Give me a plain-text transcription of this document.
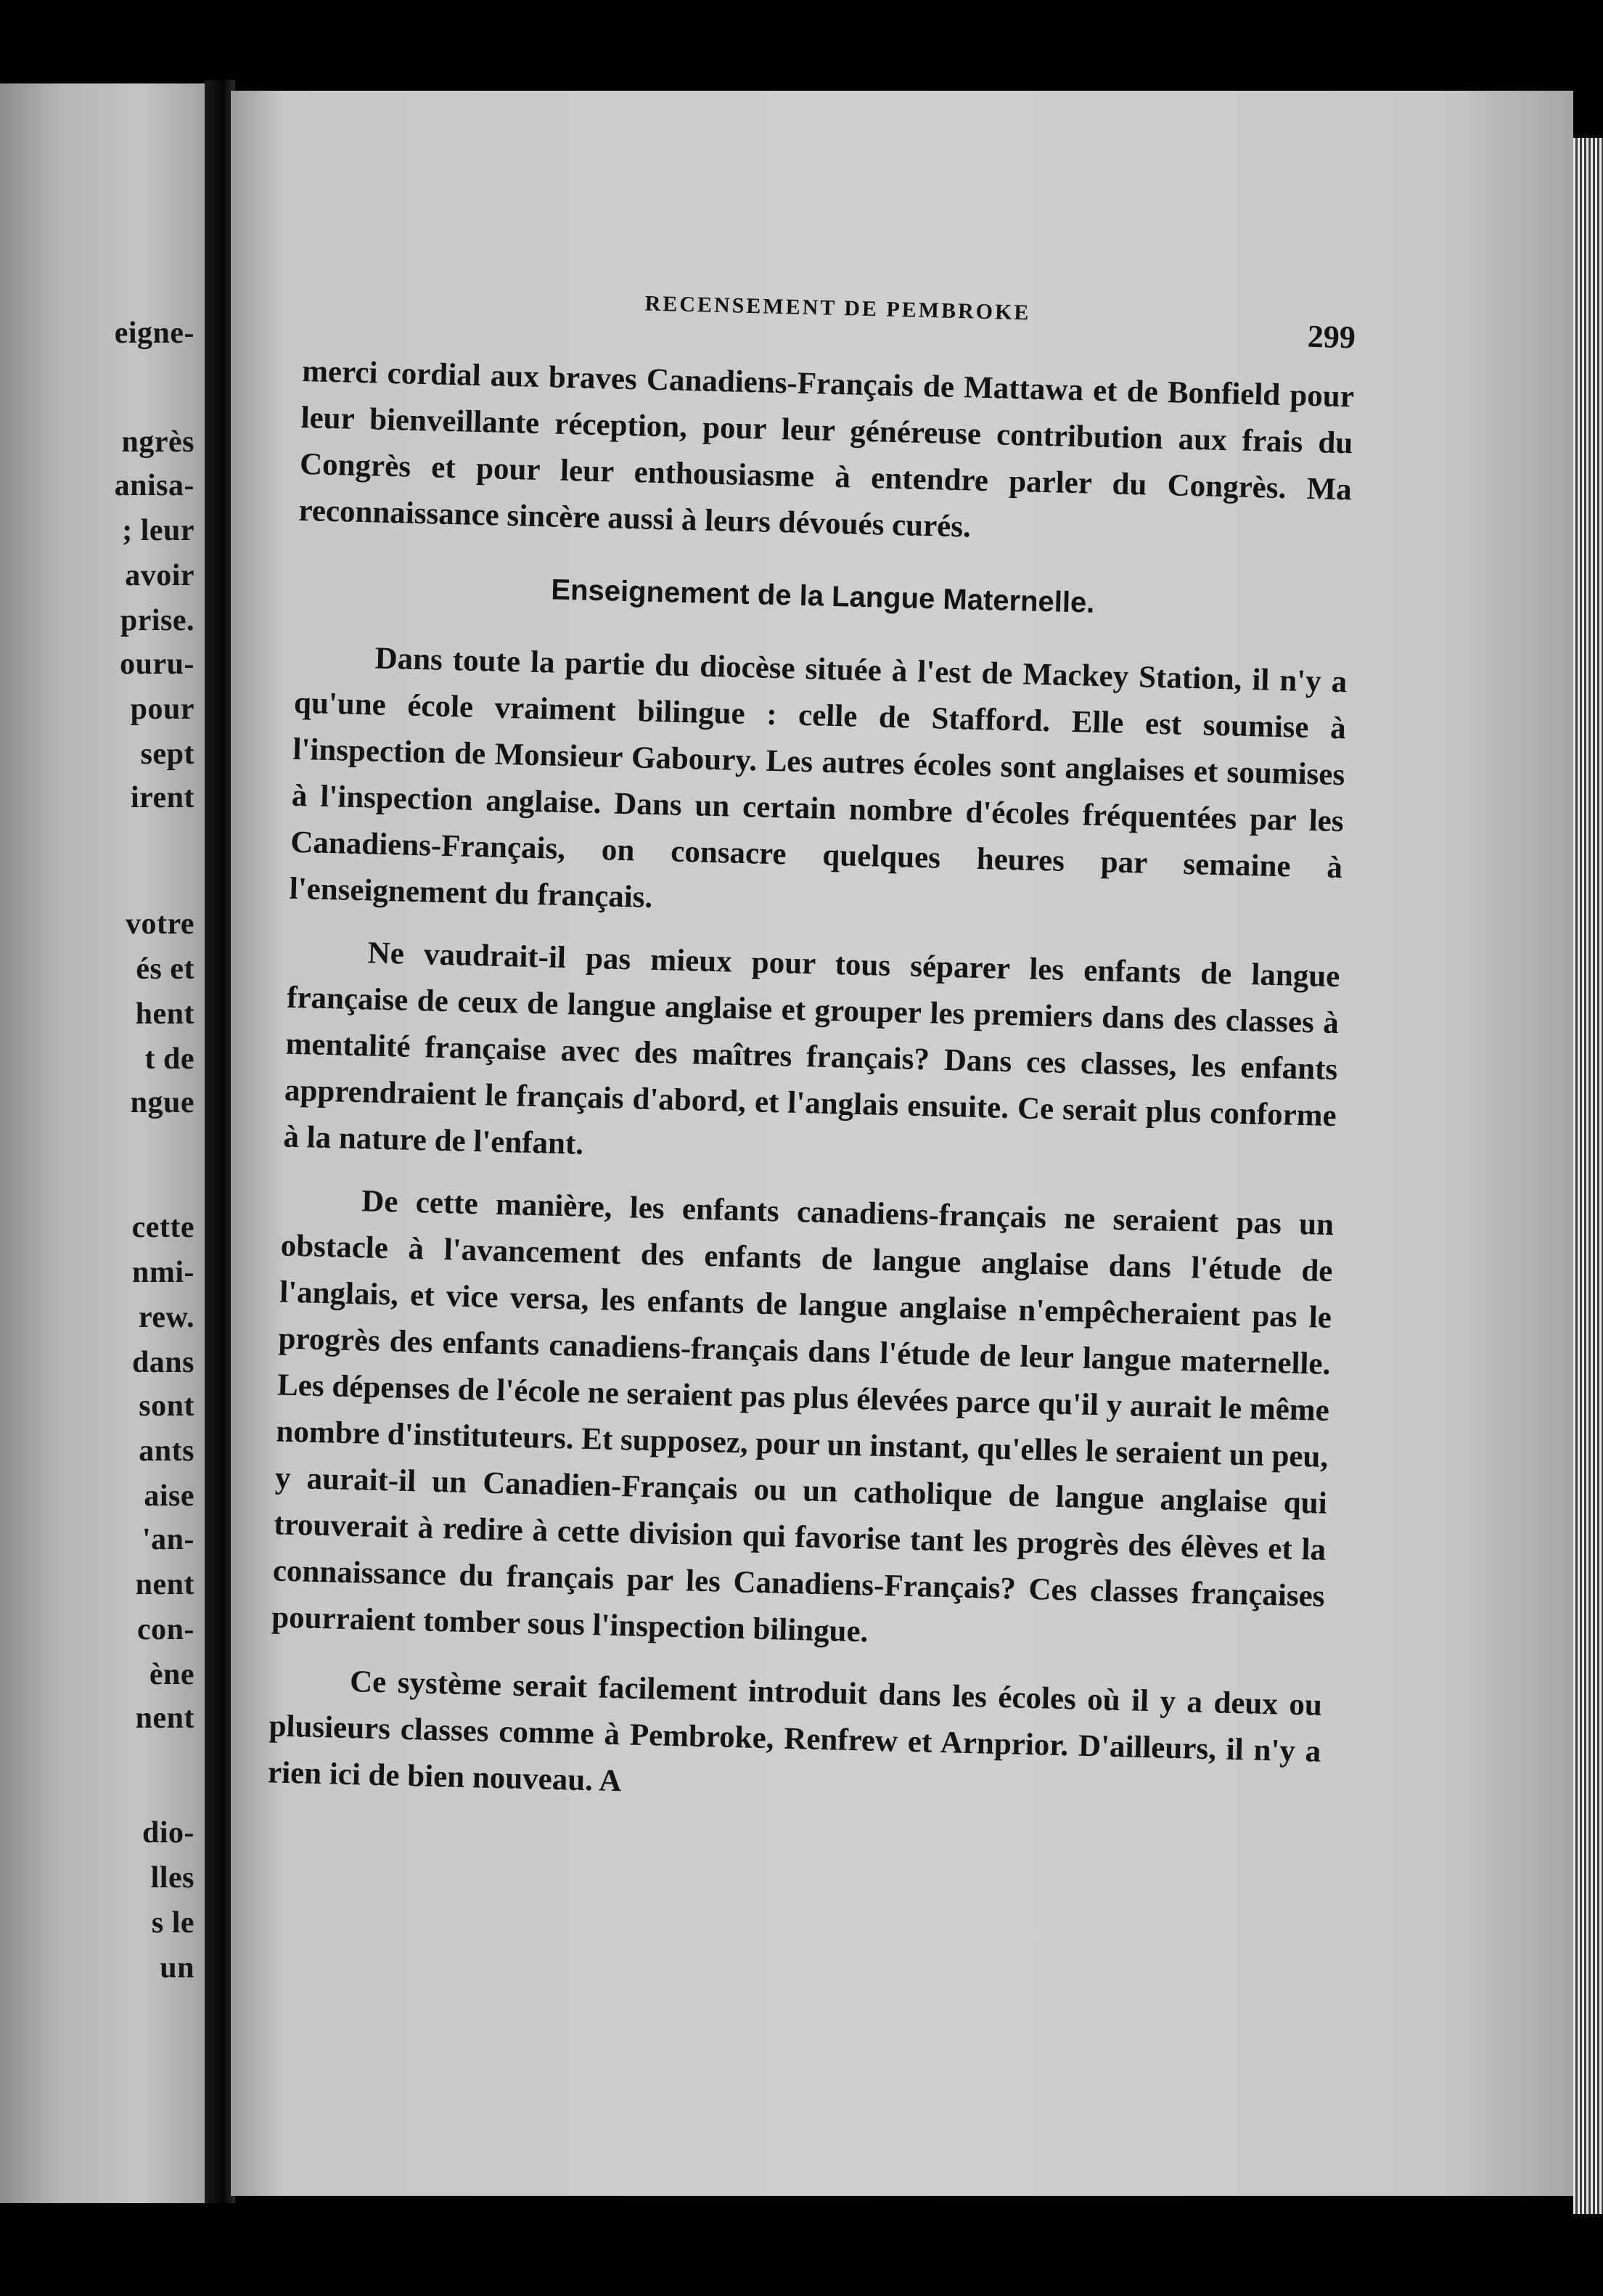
eigne-
ngrès
anisa-
; leur
avoir
prise.
ouru-
pour
sept
irent
votre
és et
hent
t de
ngue
cette
nmi-
rew.
dans
sont
ants
aise
'an-
nent
con-
ène
nent
dio-
lles
s le
un
RECENSEMENT DE PEMBROKE
299

merci cordial aux braves Canadiens-Français de Mattawa et de Bonfield pour leur bienveillante réception, pour leur généreuse contribution aux frais du Congrès et pour leur enthousiasme à entendre parler du Congrès. Ma reconnaissance sincère aussi à leurs dévoués curés.

Enseignement de la Langue Maternelle.

Dans toute la partie du diocèse située à l'est de Mackey Station, il n'y a qu'une école vraiment bilingue : celle de Stafford. Elle est soumise à l'inspection de Monsieur Gaboury. Les autres écoles sont anglaises et soumises à l'inspection anglaise. Dans un certain nombre d'écoles fréquentées par les Canadiens-Français, on consacre quelques heures par semaine à l'enseignement du français.

Ne vaudrait-il pas mieux pour tous séparer les enfants de langue française de ceux de langue anglaise et grouper les premiers dans des classes à mentalité française avec des maîtres français? Dans ces classes, les enfants apprendraient le français d'abord, et l'anglais ensuite. Ce serait plus conforme à la nature de l'enfant.

De cette manière, les enfants canadiens-français ne seraient pas un obstacle à l'avancement des enfants de langue anglaise dans l'étude de l'anglais, et vice versa, les enfants de langue anglaise n'empêcheraient pas le progrès des enfants canadiens-français dans l'étude de leur langue maternelle. Les dépenses de l'école ne seraient pas plus élevées parce qu'il y aurait le même nombre d'instituteurs. Et supposez, pour un instant, qu'elles le seraient un peu, y aurait-il un Canadien-Français ou un catholique de langue anglaise qui trouverait à redire à cette division qui favorise tant les progrès des élèves et la connaissance du français par les Canadiens-Français? Ces classes françaises pourraient tomber sous l'inspection bilingue.

Ce système serait facilement introduit dans les écoles où il y a deux ou plusieurs classes comme à Pembroke, Renfrew et Arnprior. D'ailleurs, il n'y a rien ici de bien nouveau. A
